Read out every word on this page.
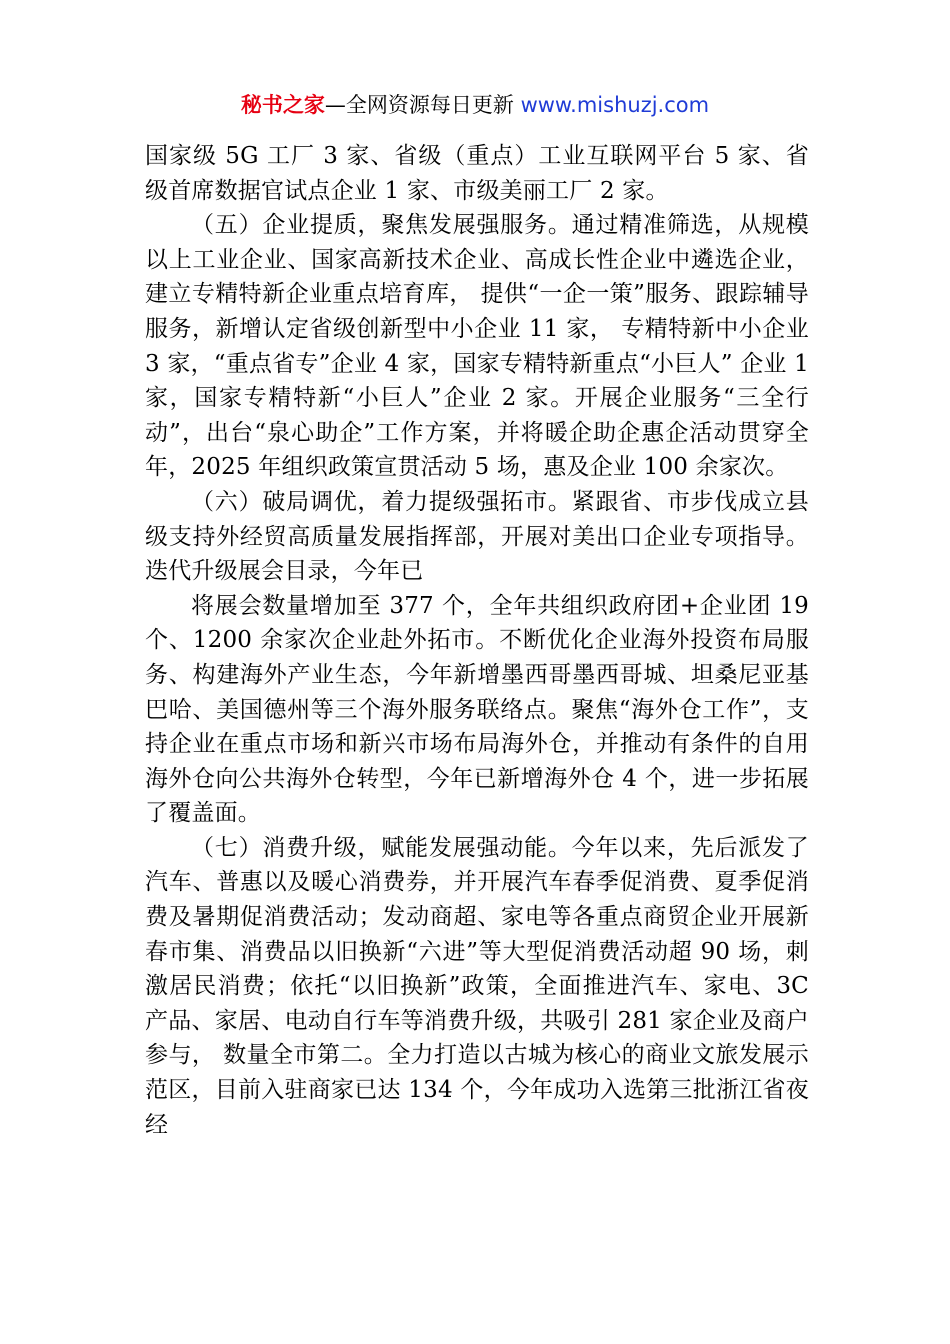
秘书之家—全网资源每日更新 www.mishuzj.com

国家级 5G 工厂 3 家、省级（重点）工业互联网平台 5 家、省级首席数据官试点企业 1 家、市级美丽工厂 2 家。

（五）企业提质，聚焦发展强服务。通过精准筛选，从规模以上工业企业、国家高新技术企业、高成长性企业中遴选企业，建立专精特新企业重点培育库， 提供“一企一策”服务、跟踪辅导服务，新增认定省级创新型中小企业 11 家， 专精特新中小企业 3 家，“重点省专”企业 4 家，国家专精特新重点“小巨人” 企业 1 家，国家专精特新“小巨人”企业 2 家。开展企业服务“三全行动”，出台“泉心助企”工作方案，并将暖企助企惠企活动贯穿全年，2025 年组织政策宣贯活动 5 场，惠及企业 100 余家次。

（六）破局调优，着力提级强拓市。紧跟省、市步伐成立县级支持外经贸高质量发展指挥部，开展对美出口企业专项指导。迭代升级展会目录，今年已

将展会数量增加至 377 个，全年共组织政府团+企业团 19 个、1200 余家次企业赴外拓市。不断优化企业海外投资布局服务、构建海外产业生态，今年新增墨西哥墨西哥城、坦桑尼亚基巴哈、美国德州等三个海外服务联络点。聚焦“海外仓工作”，支持企业在重点市场和新兴市场布局海外仓，并推动有条件的自用海外仓向公共海外仓转型，今年已新增海外仓 4 个，进一步拓展了覆盖面。

（七）消费升级，赋能发展强动能。今年以来，先后派发了汽车、普惠以及暖心消费券，并开展汽车春季促消费、夏季促消费及暑期促消费活动；发动商超、家电等各重点商贸企业开展新春市集、消费品以旧换新“六进”等大型促消费活动超 90 场，刺激居民消费；依托“以旧换新”政策，全面推进汽车、家电、3C 产品、家居、电动自行车等消费升级，共吸引 281 家企业及商户参与， 数量全市第二。全力打造以古城为核心的商业文旅发展示范区，目前入驻商家已达 134 个，今年成功入选第三批浙江省夜经
